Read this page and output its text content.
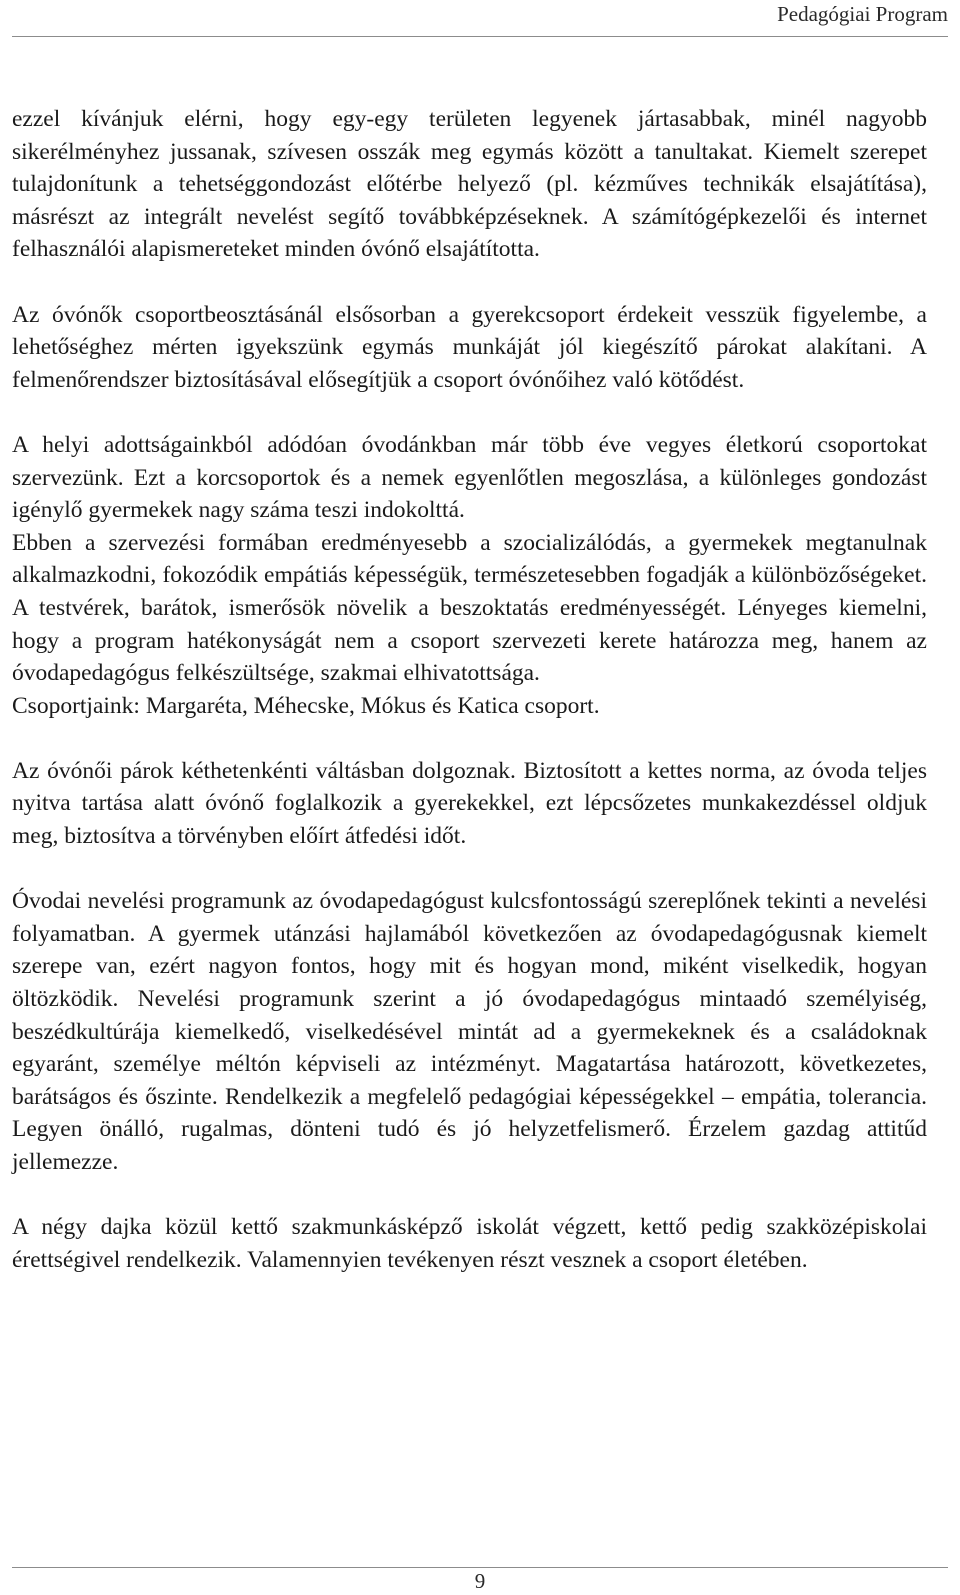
Pedagógiai Program

ezzel kívánjuk elérni, hogy egy-egy területen legyenek jártasabbak, minél nagyobb sikerélményhez jussanak, szívesen osszák meg egymás között a tanultakat. Kiemelt szerepet tulajdonítunk a tehetséggondozást előtérbe helyező (pl. kézműves technikák elsajátítása), másrészt az integrált nevelést segítő továbbképzéseknek. A számítógépkezelői és internet felhasználói alapismereteket minden óvónő elsajátította.

Az óvónők csoportbeosztásánál elsősorban a gyerekcsoport érdekeit vesszük figyelembe, a lehetőséghez mérten igyekszünk egymás munkáját jól kiegészítő párokat alakítani. A felmenőrendszer biztosításával elősegítjük a csoport óvónőihez való kötődést.

A helyi adottságainkból adódóan óvodánkban már több éve vegyes életkorú csoportokat szervezünk. Ezt a korcsoportok és a nemek egyenlőtlen megoszlása, a különleges gondozást igénylő gyermekek nagy száma teszi indokolttá.

Ebben a szervezési formában eredményesebb a szocializálódás, a gyermekek megtanulnak alkalmazkodni, fokozódik empátiás képességük, természetesebben fogadják a különbözőségeket. A testvérek, barátok, ismerősök növelik a beszoktatás eredményességét. Lényeges kiemelni, hogy a program hatékonyságát nem a csoport szervezeti kerete határozza meg, hanem az óvodapedagógus felkészültsége, szakmai elhivatottsága.

Csoportjaink: Margaréta, Méhecske, Mókus és Katica csoport.

Az óvónői párok kéthetenkénti váltásban dolgoznak. Biztosított a kettes norma, az óvoda teljes nyitva tartása alatt óvónő foglalkozik a gyerekekkel, ezt lépcsőzetes munkakezdéssel oldjuk meg, biztosítva a törvényben előírt átfedési időt.

Óvodai nevelési programunk az óvodapedagógust kulcsfontosságú szereplőnek tekinti a nevelési folyamatban. A gyermek utánzási hajlamából következően az óvodapedagógusnak kiemelt szerepe van, ezért nagyon fontos, hogy mit és hogyan mond, miként viselkedik, hogyan öltözködik. Nevelési programunk szerint a jó óvodapedagógus mintaadó személyiség, beszédkultúrája kiemelkedő, viselkedésével mintát ad a gyermekeknek és a családoknak egyaránt, személye méltón képviseli az intézményt. Magatartása határozott, következetes, barátságos és őszinte. Rendelkezik a megfelelő pedagógiai képességekkel – empátia, tolerancia. Legyen önálló, rugalmas, dönteni tudó és jó helyzetfelismerő. Érzelem gazdag attitűd jellemezze.

A négy dajka közül kettő szakmunkásképző iskolát végzett, kettő pedig szakközépiskolai érettségivel rendelkezik. Valamennyien tevékenyen részt vesznek a csoport életében.

9
